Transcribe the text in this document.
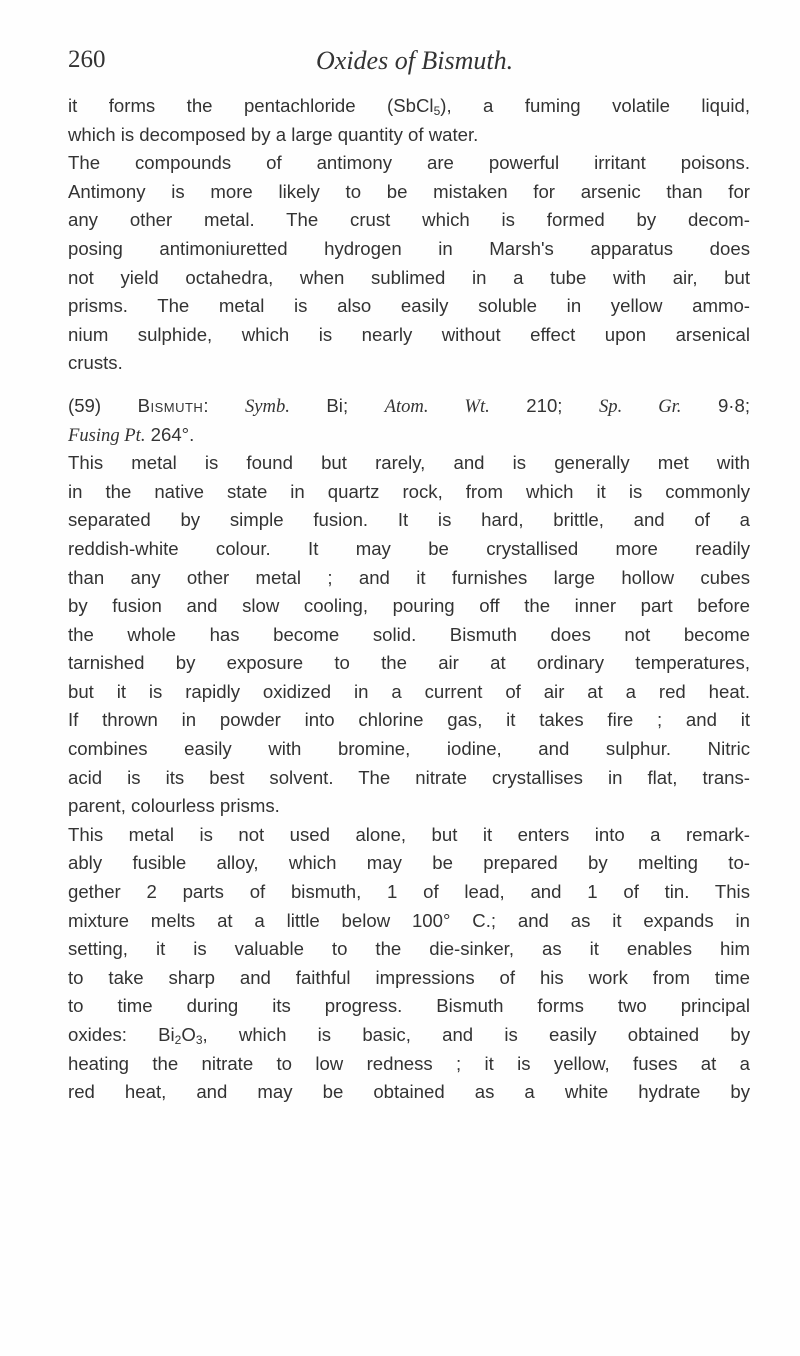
260	Oxides of Bismuth.
it forms the pentachloride (SbCl$_5$), a fuming volatile liquid,
which is decomposed by a large quantity of water.
The compounds of antimony are powerful irritant poisons.
Antimony is more likely to be mistaken for arsenic than for
any other metal. The crust which is formed by decom-
posing antimoniuretted hydrogen in Marsh's apparatus does
not yield octahedra, when sublimed in a tube with air, but
prisms. The metal is also easily soluble in yellow ammo-
nium sulphide, which is nearly without effect upon arsenical
crusts.
(59) Bismuth: Symb. Bi; Atom. Wt. 210; Sp. Gr. 9·8;
Fusing Pt. 264°.
This metal is found but rarely, and is generally met with
in the native state in quartz rock, from which it is commonly
separated by simple fusion. It is hard, brittle, and of a
reddish-white colour. It may be crystallised more readily
than any other metal ; and it furnishes large hollow cubes
by fusion and slow cooling, pouring off the inner part before
the whole has become solid. Bismuth does not become
tarnished by exposure to the air at ordinary temperatures,
but it is rapidly oxidized in a current of air at a red heat.
If thrown in powder into chlorine gas, it takes fire ; and it
combines easily with bromine, iodine, and sulphur. Nitric
acid is its best solvent. The nitrate crystallises in flat, trans-
parent, colourless prisms.
This metal is not used alone, but it enters into a remark-
ably fusible alloy, which may be prepared by melting to-
gether 2 parts of bismuth, 1 of lead, and 1 of tin. This
mixture melts at a little below 100° C.; and as it expands in
setting, it is valuable to the die-sinker, as it enables him
to take sharp and faithful impressions of his work from time
to time during its progress. Bismuth forms two principal
oxides: $Bi_2O_3$, which is basic, and is easily obtained by
heating the nitrate to low redness ; it is yellow, fuses at a
red heat, and may be obtained as a white hydrate by
